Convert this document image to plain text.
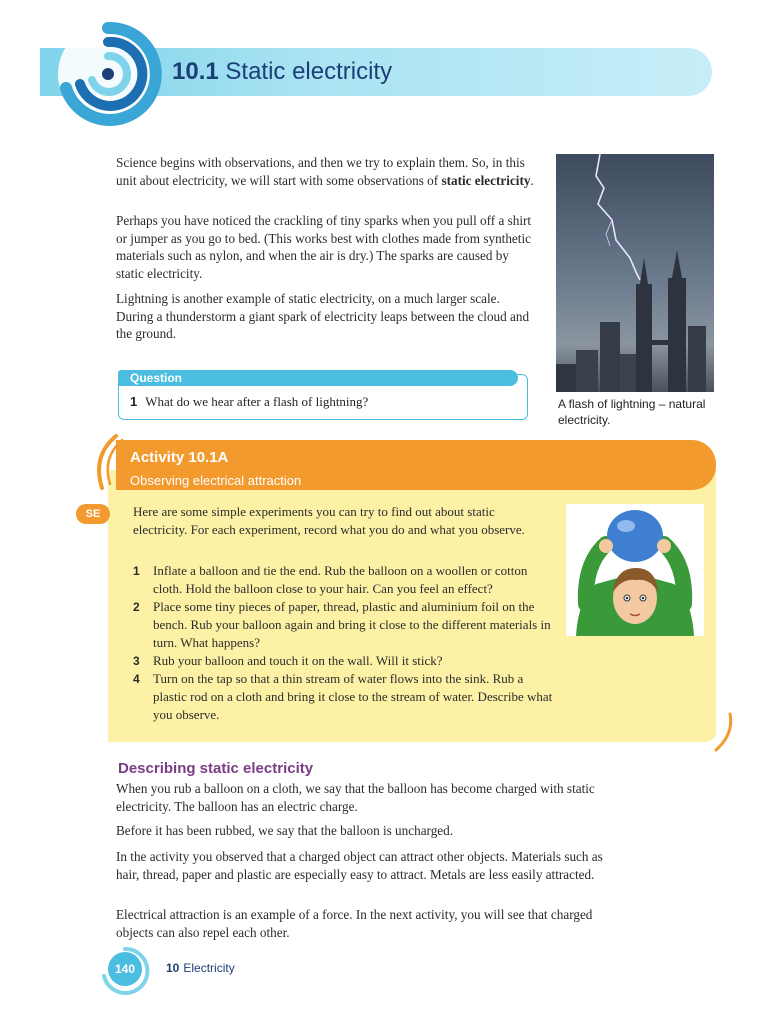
10.1 Static electricity

Science begins with observations, and then we try to explain them. So, in this unit about electricity, we will start with some observations of static electricity.

Perhaps you have noticed the crackling of tiny sparks when you pull off a shirt or jumper as you go to bed. (This works best with clothes made from synthetic materials such as nylon, and when the air is dry.) The sparks are caused by static electricity.

Lightning is another example of static electricity, on a much larger scale. During a thunderstorm a giant spark of electricity leaps between the cloud and the ground.

A flash of lightning – natural electricity.
Question
1 What do we hear after a flash of lightning?
Activity 10.1A
Observing electrical attraction
SE	Here are some simple experiments you can try to find out about static electricity. For each experiment, record what you do and what you observe.

1	Inflate a balloon and tie the end. Rub the balloon on a woollen or cotton cloth. Hold the balloon close to your hair. Can you feel an effect?
2	Place some tiny pieces of paper, thread, plastic and aluminium foil on the bench. Rub your balloon again and bring it close to the different materials in turn. What happens?
3	Rub your balloon and touch it on the wall. Will it stick?
4	Turn on the tap so that a thin stream of water flows into the sink. Rub a plastic rod on a cloth and bring it close to the stream of water. Describe what you observe.
Describing static electricity

When you rub a balloon on a cloth, we say that the balloon has become charged with static electricity. The balloon has an electric charge.

Before it has been rubbed, we say that the balloon is uncharged.

In the activity you observed that a charged object can attract other objects. Materials such as hair, thread, paper and plastic are especially easy to attract. Metals are less easily attracted.

Electrical attraction is an example of a force. In the next activity, you will see that charged objects can also repel each other.

140	10 Electricity
